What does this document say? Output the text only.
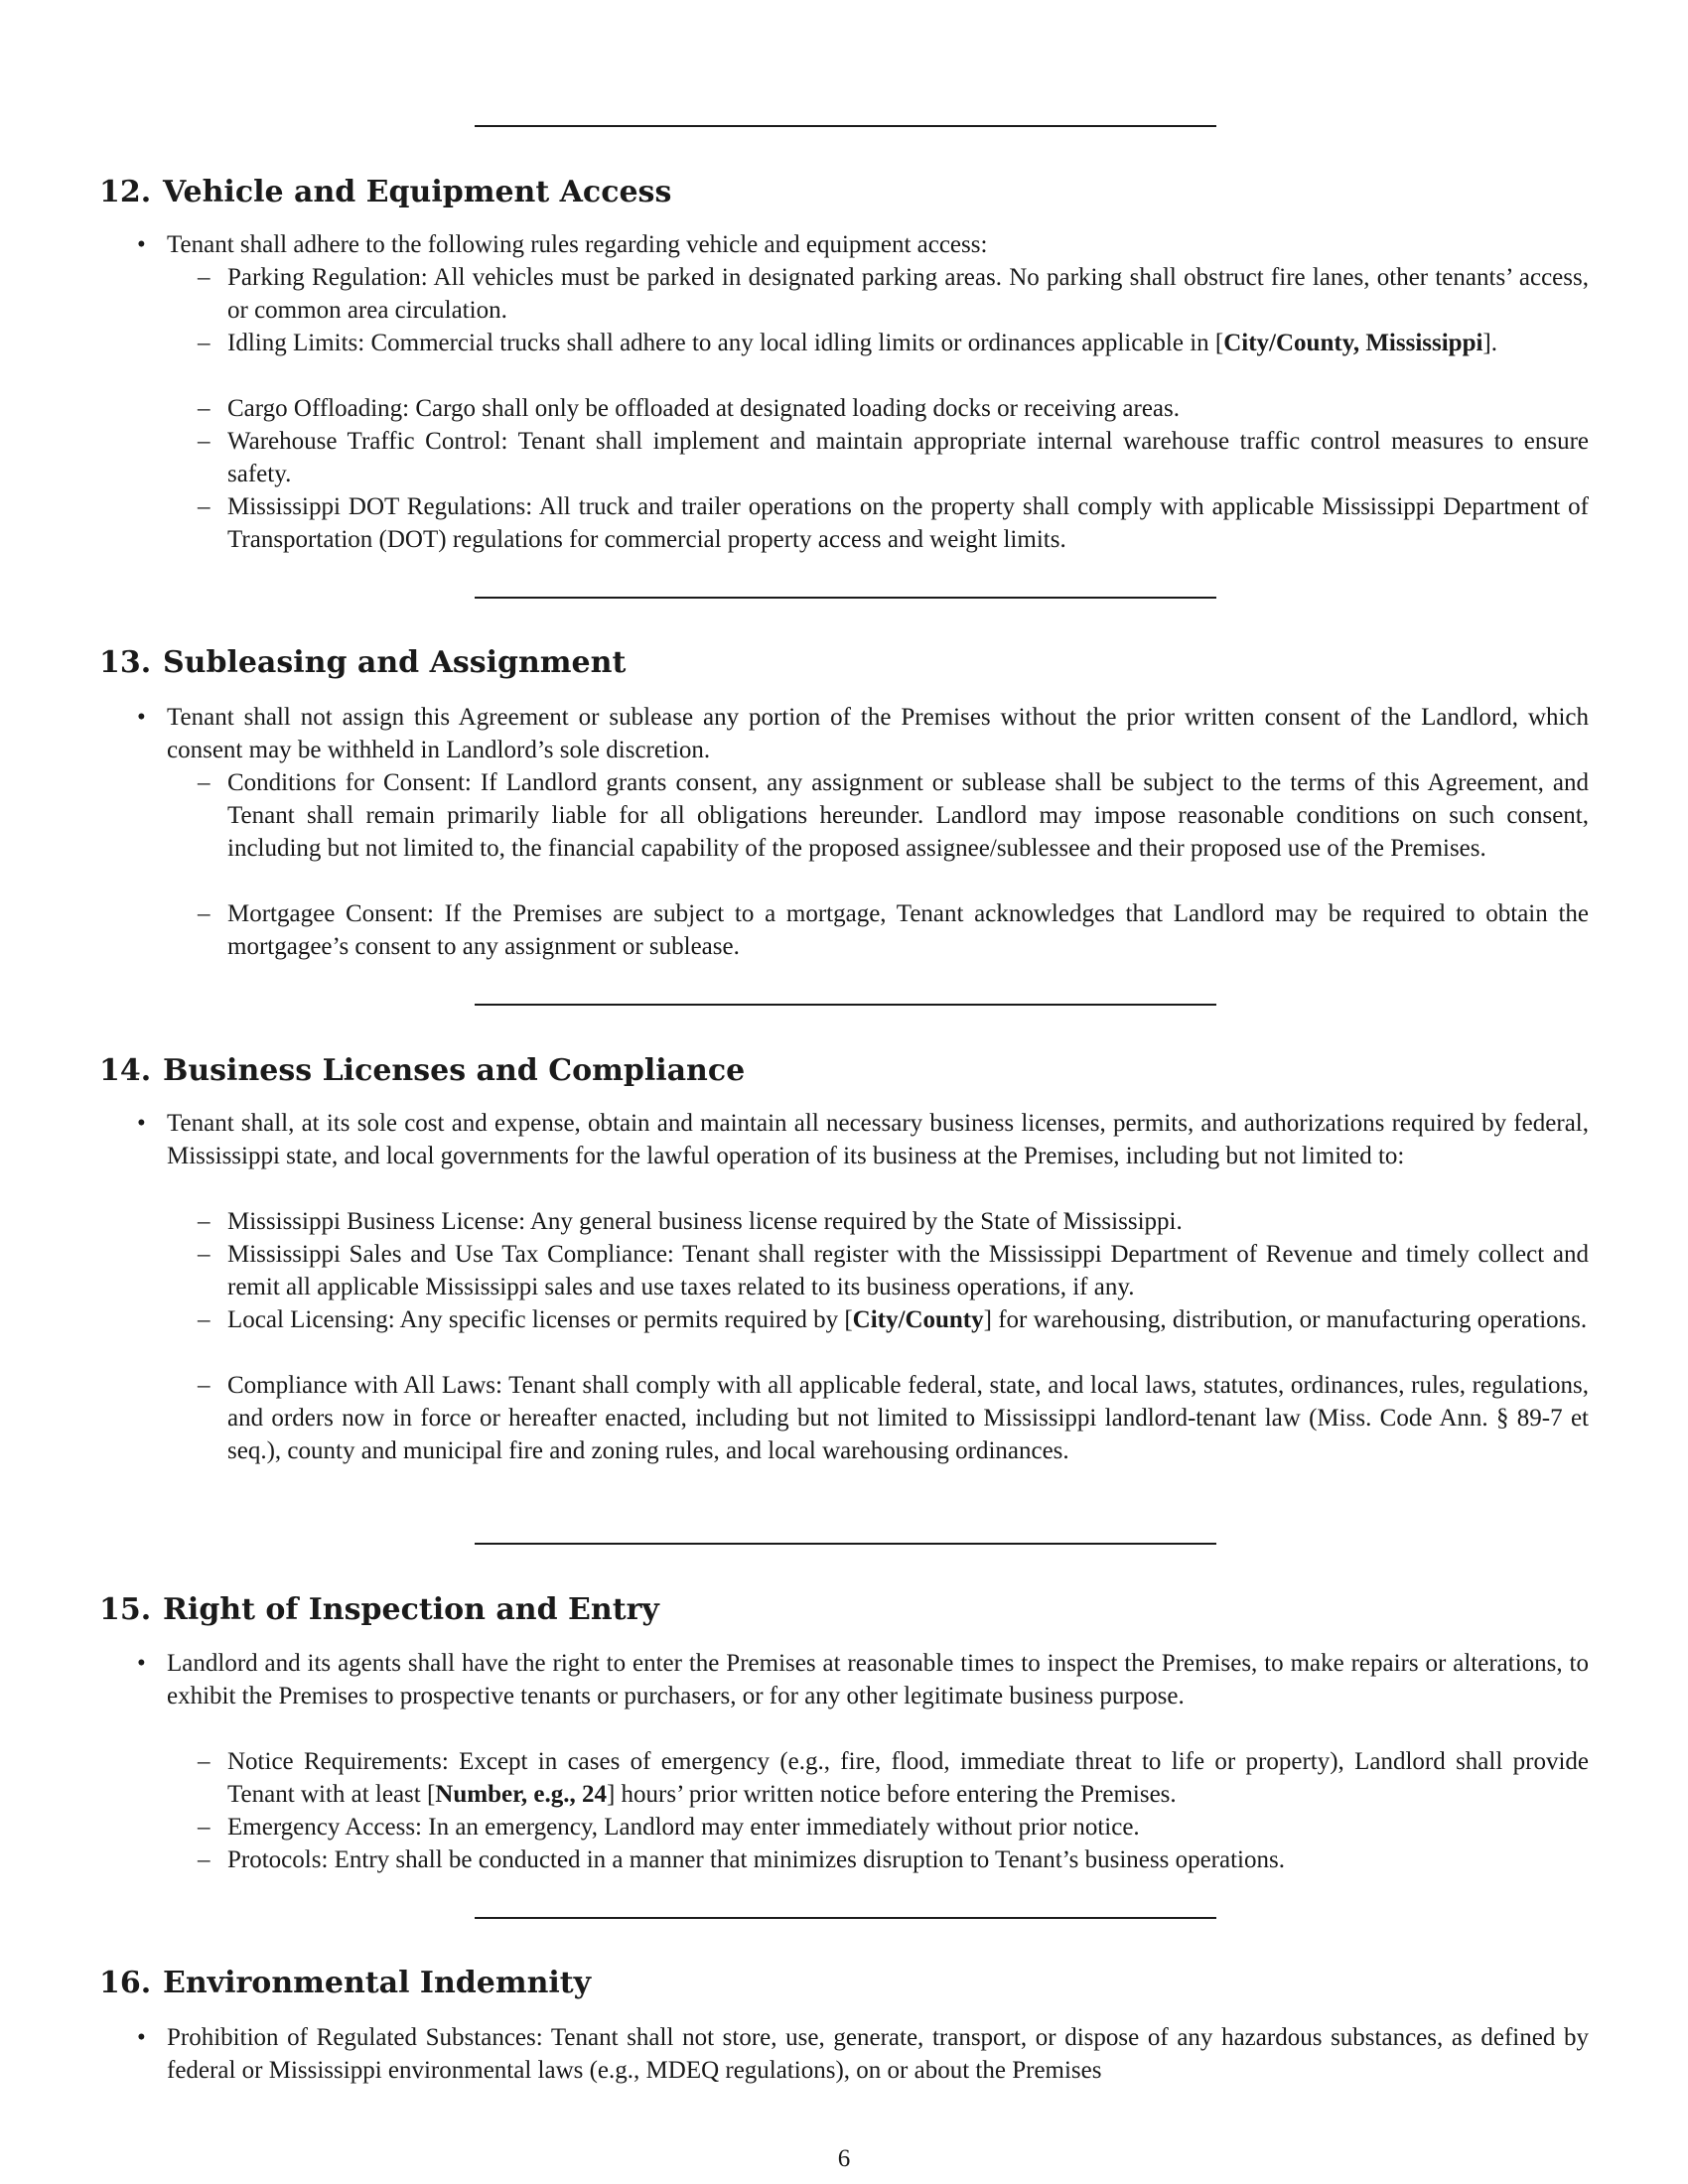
12. Vehicle and Equipment Access

• Tenant shall adhere to the following rules regarding vehicle and equipment access:

– Parking Regulation: All vehicles must be parked in designated parking areas. No parking shall obstruct fire lanes, other tenants’ access, or common area circulation.

– Idling Limits: Commercial trucks shall adhere to any local idling limits or ordinances applicable in [City/County, Mississippi].

– Cargo Offloading: Cargo shall only be offloaded at designated loading docks or receiving areas.

– Warehouse Traffic Control: Tenant shall implement and maintain appropriate internal warehouse traffic control measures to ensure safety.

– Mississippi DOT Regulations: All truck and trailer operations on the property shall comply with applicable Mississippi Department of Transportation (DOT) regulations for commercial property access and weight limits.

13. Subleasing and Assignment

• Tenant shall not assign this Agreement or sublease any portion of the Premises without the prior written consent of the Landlord, which consent may be withheld in Landlord’s sole discretion.

– Conditions for Consent: If Landlord grants consent, any assignment or sublease shall be subject to the terms of this Agreement, and Tenant shall remain primarily liable for all obligations hereunder. Landlord may impose reasonable conditions on such consent, including but not limited to, the financial capability of the proposed assignee/sublessee and their proposed use of the Premises.

– Mortgagee Consent: If the Premises are subject to a mortgage, Tenant acknowledges that Landlord may be required to obtain the mortgagee’s consent to any assignment or sublease.

14. Business Licenses and Compliance

• Tenant shall, at its sole cost and expense, obtain and maintain all necessary business licenses, permits, and authorizations required by federal, Mississippi state, and local governments for the lawful operation of its business at the Premises, including but not limited to:

– Mississippi Business License: Any general business license required by the State of Mississippi.

– Mississippi Sales and Use Tax Compliance: Tenant shall register with the Mississippi Department of Revenue and timely collect and remit all applicable Mississippi sales and use taxes related to its business operations, if any.

– Local Licensing: Any specific licenses or permits required by [City/County] for warehousing, distribution, or manufacturing operations.

– Compliance with All Laws: Tenant shall comply with all applicable federal, state, and local laws, statutes, ordinances, rules, regulations, and orders now in force or hereafter enacted, including but not limited to Mississippi landlord-tenant law (Miss. Code Ann. § 89-7 et seq.), county and municipal fire and zoning rules, and local warehousing ordinances.

15. Right of Inspection and Entry

• Landlord and its agents shall have the right to enter the Premises at reasonable times to inspect the Premises, to make repairs or alterations, to exhibit the Premises to prospective tenants or purchasers, or for any other legitimate business purpose.

– Notice Requirements: Except in cases of emergency (e.g., fire, flood, immediate threat to life or property), Landlord shall provide Tenant with at least [Number, e.g., 24] hours’ prior written notice before entering the Premises.

– Emergency Access: In an emergency, Landlord may enter immediately without prior notice.

– Protocols: Entry shall be conducted in a manner that minimizes disruption to Tenant’s business operations.

16. Environmental Indemnity

• Prohibition of Regulated Substances: Tenant shall not store, use, generate, transport, or dispose of any hazardous substances, as defined by federal or Mississippi environmental laws (e.g., MDEQ regulations), on or about the Premises

6
